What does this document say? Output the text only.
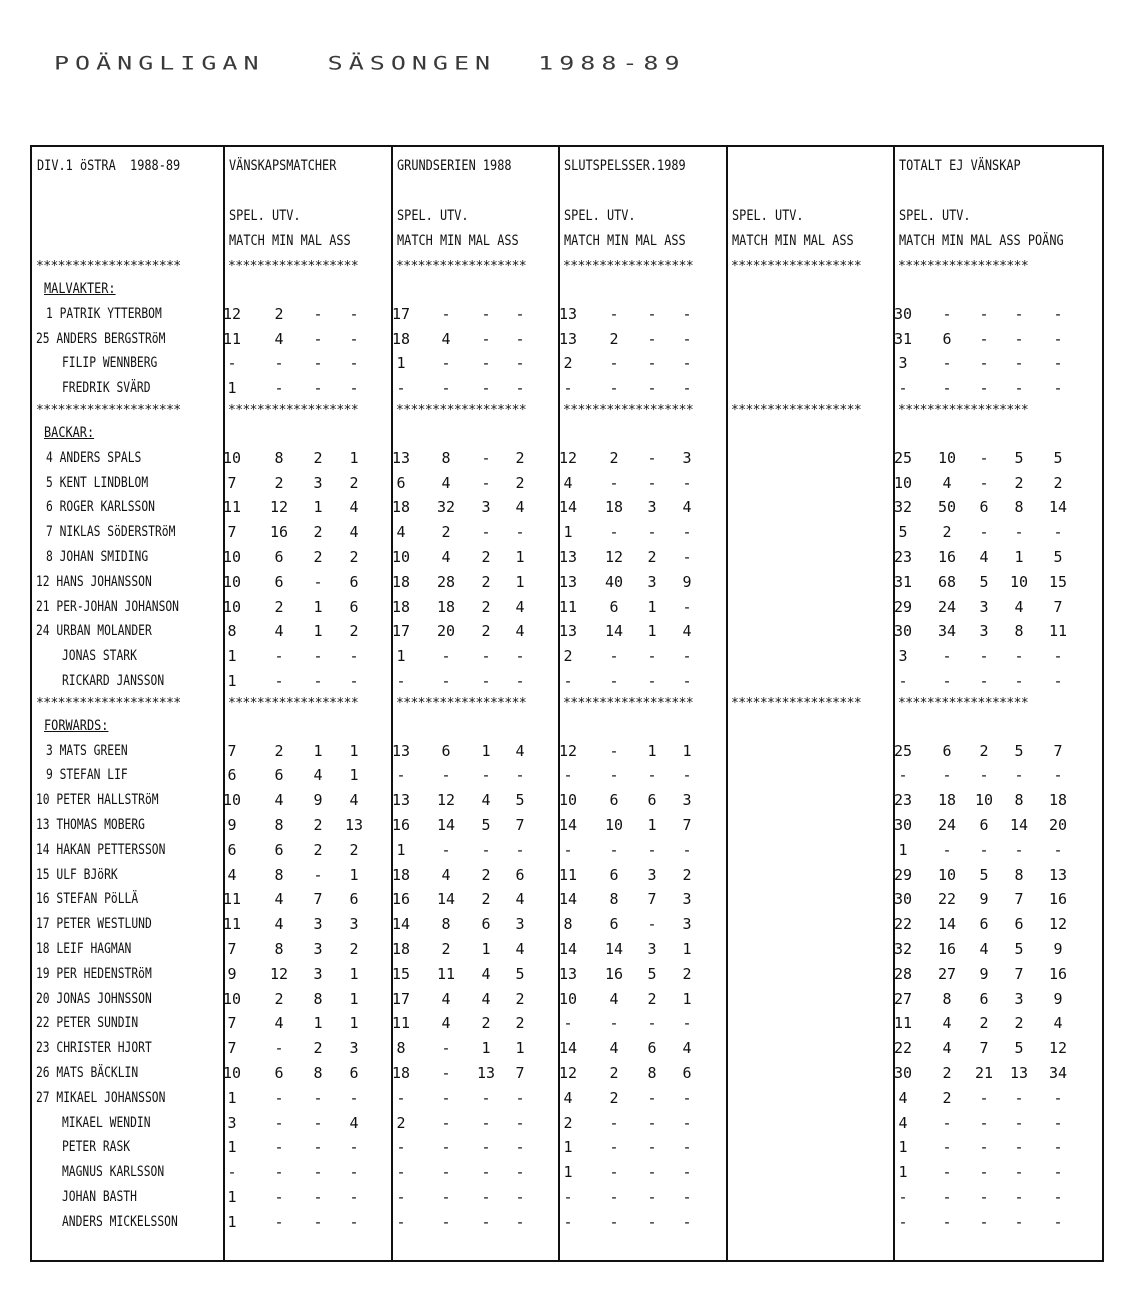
POÄNGLIGAN   SÄSONGEN  1988-89
DIV.1 öSTRA  1988-89	VÄNSKAPSMATCHER
SPEL. UTV.
MATCH MIN MAL ASS
GRUNDSERIEN 1988
SPEL. UTV.
MATCH MIN MAL ASS
SLUTSPELSSER.1989
SPEL. UTV.
MATCH MIN MAL ASS
SPEL. UTV.
MATCH MIN MAL ASS
TOTALT EJ VÄNSKAP
SPEL. UTV.
MATCH MIN MAL ASS POÄNG
********************	******************	******************	******************	******************	******************
MALVAKTER:
1 PATRIK YTTERBOM	12	2	-	-	17	-	-	-	13	-	-	-	30	-	-	-	-
25 ANDERS BERGSTRöM	11	4	-	-	18	4	-	-	13	2	-	-	31	6	-	-	-
FILIP WENNBERG	-	-	-	-	1	-	-	-	2	-	-	-	3	-	-	-	-
FREDRIK SVÄRD	1	-	-	-	-	-	-	-	-	-	-	-	-	-	-	-	-
********************	******************	******************	******************	******************	******************
BACKAR:
4 ANDERS SPALS	10	8	2	1	13	8	-	2	12	2	-	3	25	10	-	5	5
5 KENT LINDBLOM	7	2	3	2	6	4	-	2	4	-	-	-	10	4	-	2	2
6 ROGER KARLSSON	11	12	1	4	18	32	3	4	14	18	3	4	32	50	6	8	14
7 NIKLAS SöDERSTRöM	7	16	2	4	4	2	-	-	1	-	-	-	5	2	-	-	-
8 JOHAN SMIDING	10	6	2	2	10	4	2	1	13	12	2	-	23	16	4	1	5
12 HANS JOHANSSON	10	6	-	6	18	28	2	1	13	40	3	9	31	68	5	10	15
21 PER-JOHAN JOHANSON	10	2	1	6	18	18	2	4	11	6	1	-	29	24	3	4	7
24 URBAN MOLANDER	8	4	1	2	17	20	2	4	13	14	1	4	30	34	3	8	11
JONAS STARK	1	-	-	-	1	-	-	-	2	-	-	-	3	-	-	-	-
RICKARD JANSSON	1	-	-	-	-	-	-	-	-	-	-	-	-	-	-	-	-
********************	******************	******************	******************	******************	******************
FORWARDS:
3 MATS GREEN	7	2	1	1	13	6	1	4	12	-	1	1	25	6	2	5	7
9 STEFAN LIF	6	6	4	1	-	-	-	-	-	-	-	-	-	-	-	-	-
10 PETER HALLSTRöM	10	4	9	4	13	12	4	5	10	6	6	3	23	18	10	8	18
13 THOMAS MOBERG	9	8	2	13	16	14	5	7	14	10	1	7	30	24	6	14	20
14 HAKAN PETTERSSON	6	6	2	2	1	-	-	-	-	-	-	-	1	-	-	-	-
15 ULF BJöRK	4	8	-	1	18	4	2	6	11	6	3	2	29	10	5	8	13
16 STEFAN PöLLÄ	11	4	7	6	16	14	2	4	14	8	7	3	30	22	9	7	16
17 PETER WESTLUND	11	4	3	3	14	8	6	3	8	6	-	3	22	14	6	6	12
18 LEIF HAGMAN	7	8	3	2	18	2	1	4	14	14	3	1	32	16	4	5	9
19 PER HEDENSTRöM	9	12	3	1	15	11	4	5	13	16	5	2	28	27	9	7	16
20 JONAS JOHNSSON	10	2	8	1	17	4	4	2	10	4	2	1	27	8	6	3	9
22 PETER SUNDIN	7	4	1	1	11	4	2	2	-	-	-	-	11	4	2	2	4
23 CHRISTER HJORT	7	-	2	3	8	-	1	1	14	4	6	4	22	4	7	5	12
26 MATS BÄCKLIN	10	6	8	6	18	-	13	7	12	2	8	6	30	2	21	13	34
27 MIKAEL JOHANSSON	1	-	-	-	-	-	-	-	4	2	-	-	4	2	-	-	-
MIKAEL WENDIN	3	-	-	4	2	-	-	-	2	-	-	-	4	-	-	-	-
PETER RASK	1	-	-	-	-	-	-	-	1	-	-	-	1	-	-	-	-
MAGNUS KARLSSON	-	-	-	-	-	-	-	-	1	-	-	-	1	-	-	-	-
JOHAN BASTH	1	-	-	-	-	-	-	-	-	-	-	-	-	-	-	-	-
ANDERS MICKELSSON	1	-	-	-	-	-	-	-	-	-	-	-	-	-	-	-	-
